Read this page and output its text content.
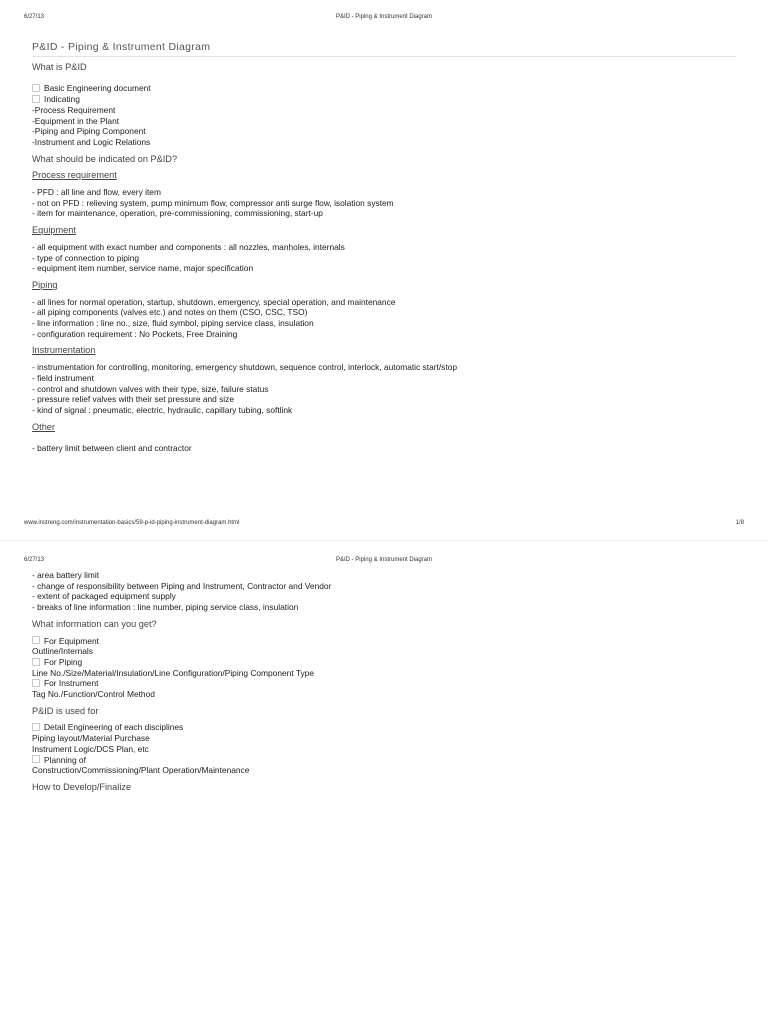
6/27/13	P&ID - Piping & Instrument Diagram
P&ID - Piping & Instrument Diagram
What is P&ID
Basic Engineering document
Indicating
-Process Requirement
-Equipment in the Plant
-Piping and Piping Component
-Instrument and Logic Relations
What should be indicated on P&ID?
Process requirement
- PFD : all line and flow, every item
- not on PFD : relieving system, pump minimum flow, compressor anti surge flow, isolation system
- item for maintenance, operation, pre-commissioning, commissioning, start-up
Equipment
- all equipment with exact number and components : all nozzles, manholes, internals
- type of connection to piping
- equipment item number, service name, major specification
Piping
- all lines for normal operation, startup, shutdown, emergency, special operation, and maintenance
- all piping components (valves etc.) and notes on them (CSO, CSC, TSO)
- line information : line no., size, fluid symbol, piping service class, insulation
- configuration requirement : No Pockets, Free Draining
Instrumentation
- instrumentation for controlling, monitoring, emergency shutdown, sequence control, interlock, automatic start/stop
- field instrument
- control and shutdown valves with their type, size, failure status
- pressure relief valves with their set pressure and size
- kind of signal : pneumatic, electric, hydraulic, capillary tubing, softlink
Other
- battery limit between client and contractor
www.instreng.com/instrumentation-basics/59-p-id-piping-instrument-diagram.html	1/8
6/27/13	P&ID - Piping & Instrument Diagram
- area battery limit
- change of responsibility between Piping and Instrument, Contractor and Vendor
- extent of packaged equipment supply
- breaks of line information : line number, piping service class, insulation
What information can you get?
For Equipment
Outline/Internals
For Piping
Line No./Size/Material/Insulation/Line Configuration/Piping Component Type
For Instrument
Tag No./Function/Control Method
P&ID is used for
Detail Engineering of each disciplines
Piping layout/Material Purchase
Instrument Logic/DCS Plan, etc
Planning of
Construction/Commissioning/Plant Operation/Maintenance
How to Develop/Finalize
